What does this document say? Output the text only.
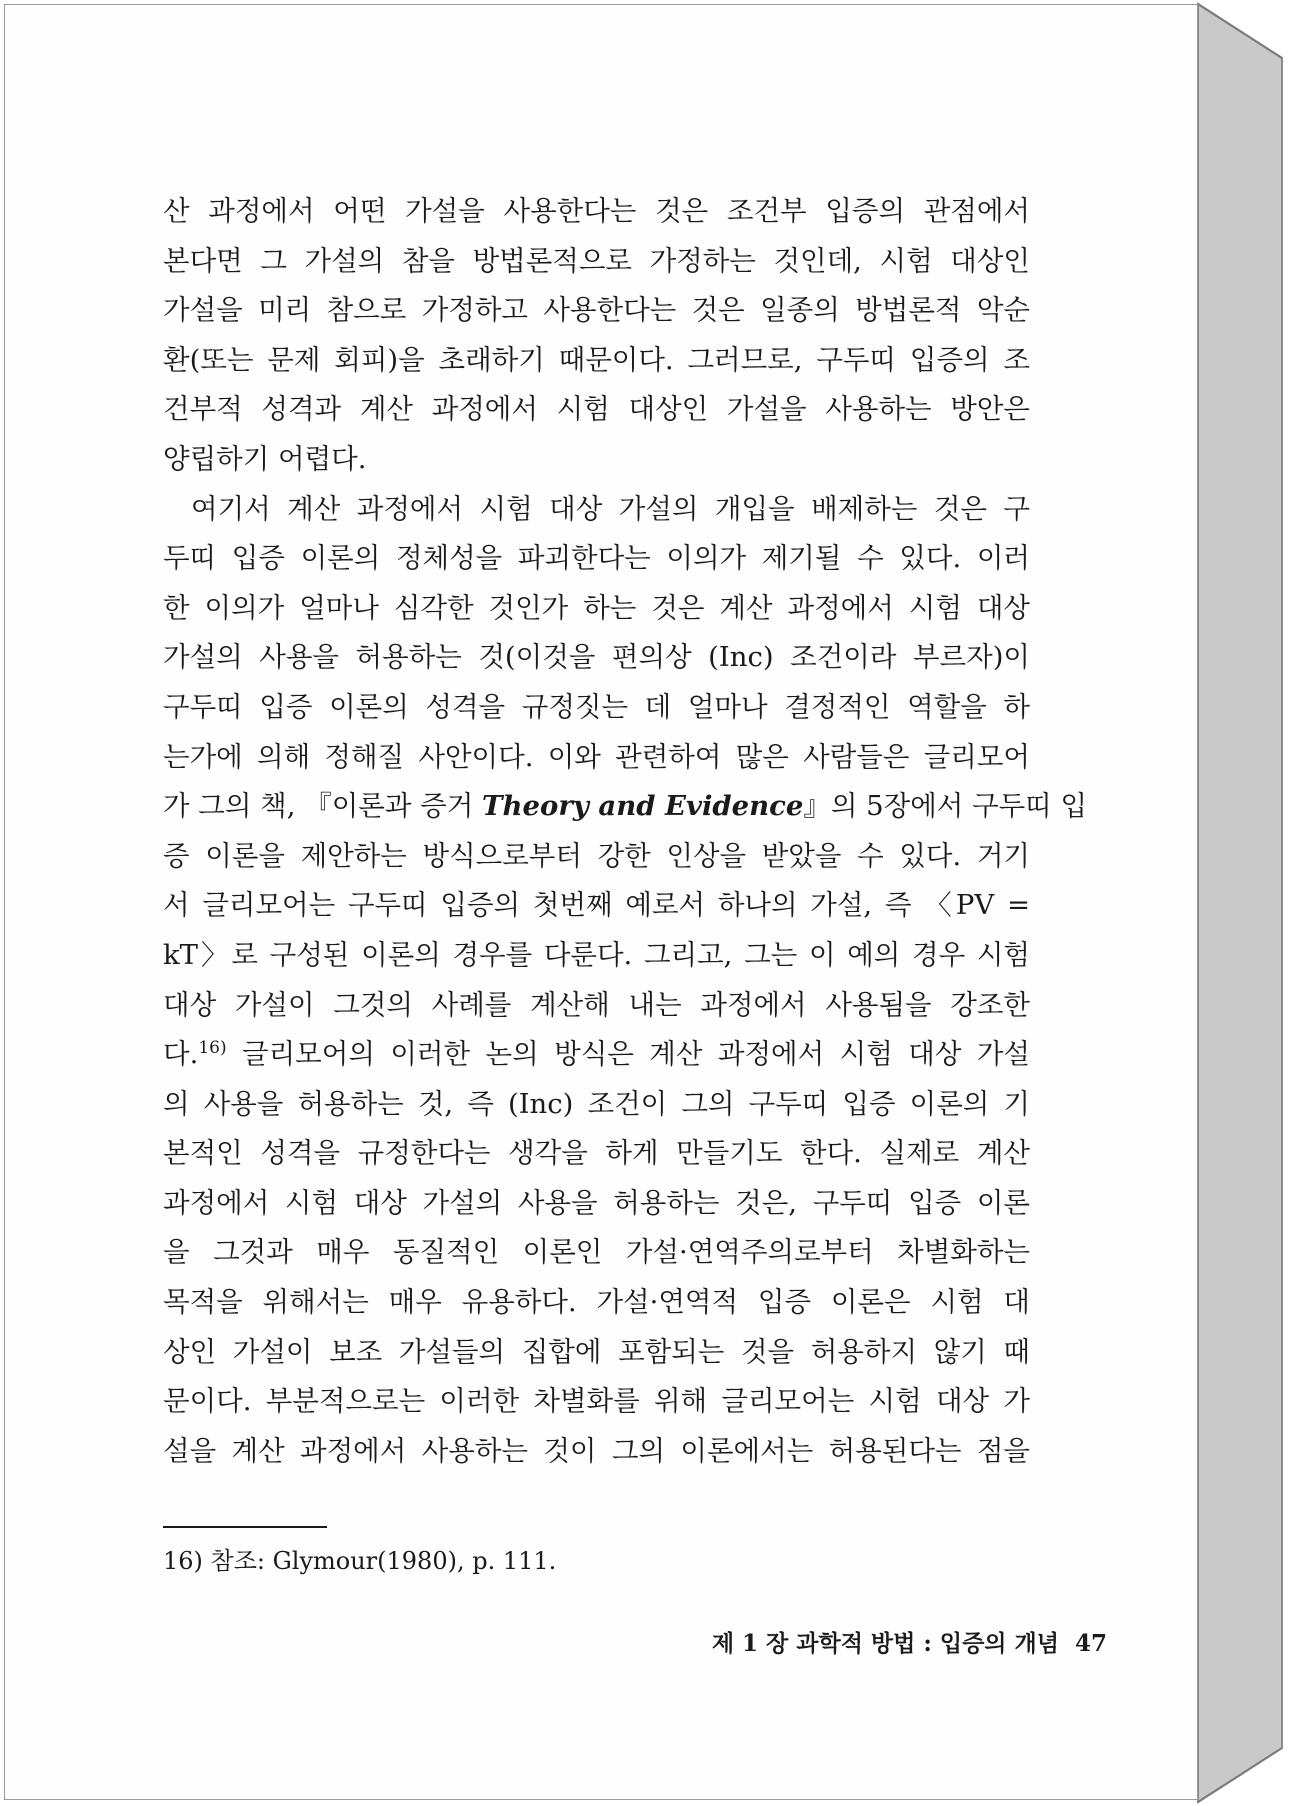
산 과정에서 어떤 가설을 사용한다는 것은 조건부 입증의 관점에서
본다면 그 가설의 참을 방법론적으로 가정하는 것인데, 시험 대상인
가설을 미리 참으로 가정하고 사용한다는 것은 일종의 방법론적 악순
환(또는 문제 회피)을 초래하기 때문이다. 그러므로, 구두띠 입증의 조
건부적 성격과 계산 과정에서 시험 대상인 가설을 사용하는 방안은
양립하기 어렵다.
여기서 계산 과정에서 시험 대상 가설의 개입을 배제하는 것은 구
두띠 입증 이론의 정체성을 파괴한다는 이의가 제기될 수 있다. 이러
한 이의가 얼마나 심각한 것인가 하는 것은 계산 과정에서 시험 대상
가설의 사용을 허용하는 것(이것을 편의상 (Inc) 조건이라 부르자)이
구두띠 입증 이론의 성격을 규정짓는 데 얼마나 결정적인 역할을 하
는가에 의해 정해질 사안이다. 이와 관련하여 많은 사람들은 글리모어
가 그의 책, 『이론과 증거 Theory and Evidence』의 5장에서 구두띠 입
증 이론을 제안하는 방식으로부터 강한 인상을 받았을 수 있다. 거기
서 글리모어는 구두띠 입증의 첫번째 예로서 하나의 가설, 즉 〈PV =
kT〉로 구성된 이론의 경우를 다룬다. 그리고, 그는 이 예의 경우 시험
대상 가설이 그것의 사례를 계산해 내는 과정에서 사용됨을 강조한
다.$^{16)}$ 글리모어의 이러한 논의 방식은 계산 과정에서 시험 대상 가설
의 사용을 허용하는 것, 즉 (Inc) 조건이 그의 구두띠 입증 이론의 기
본적인 성격을 규정한다는 생각을 하게 만들기도 한다. 실제로 계산
과정에서 시험 대상 가설의 사용을 허용하는 것은, 구두띠 입증 이론
을 그것과 매우 동질적인 이론인 가설·연역주의로부터 차별화하는
목적을 위해서는 매우 유용하다. 가설·연역적 입증 이론은 시험 대
상인 가설이 보조 가설들의 집합에 포함되는 것을 허용하지 않기 때
문이다. 부분적으로는 이러한 차별화를 위해 글리모어는 시험 대상 가
설을 계산 과정에서 사용하는 것이 그의 이론에서는 허용된다는 점을
16) 참조: Glymour(1980), p. 111.
제 1 장 과학적 방법 : 입증의 개념 47
